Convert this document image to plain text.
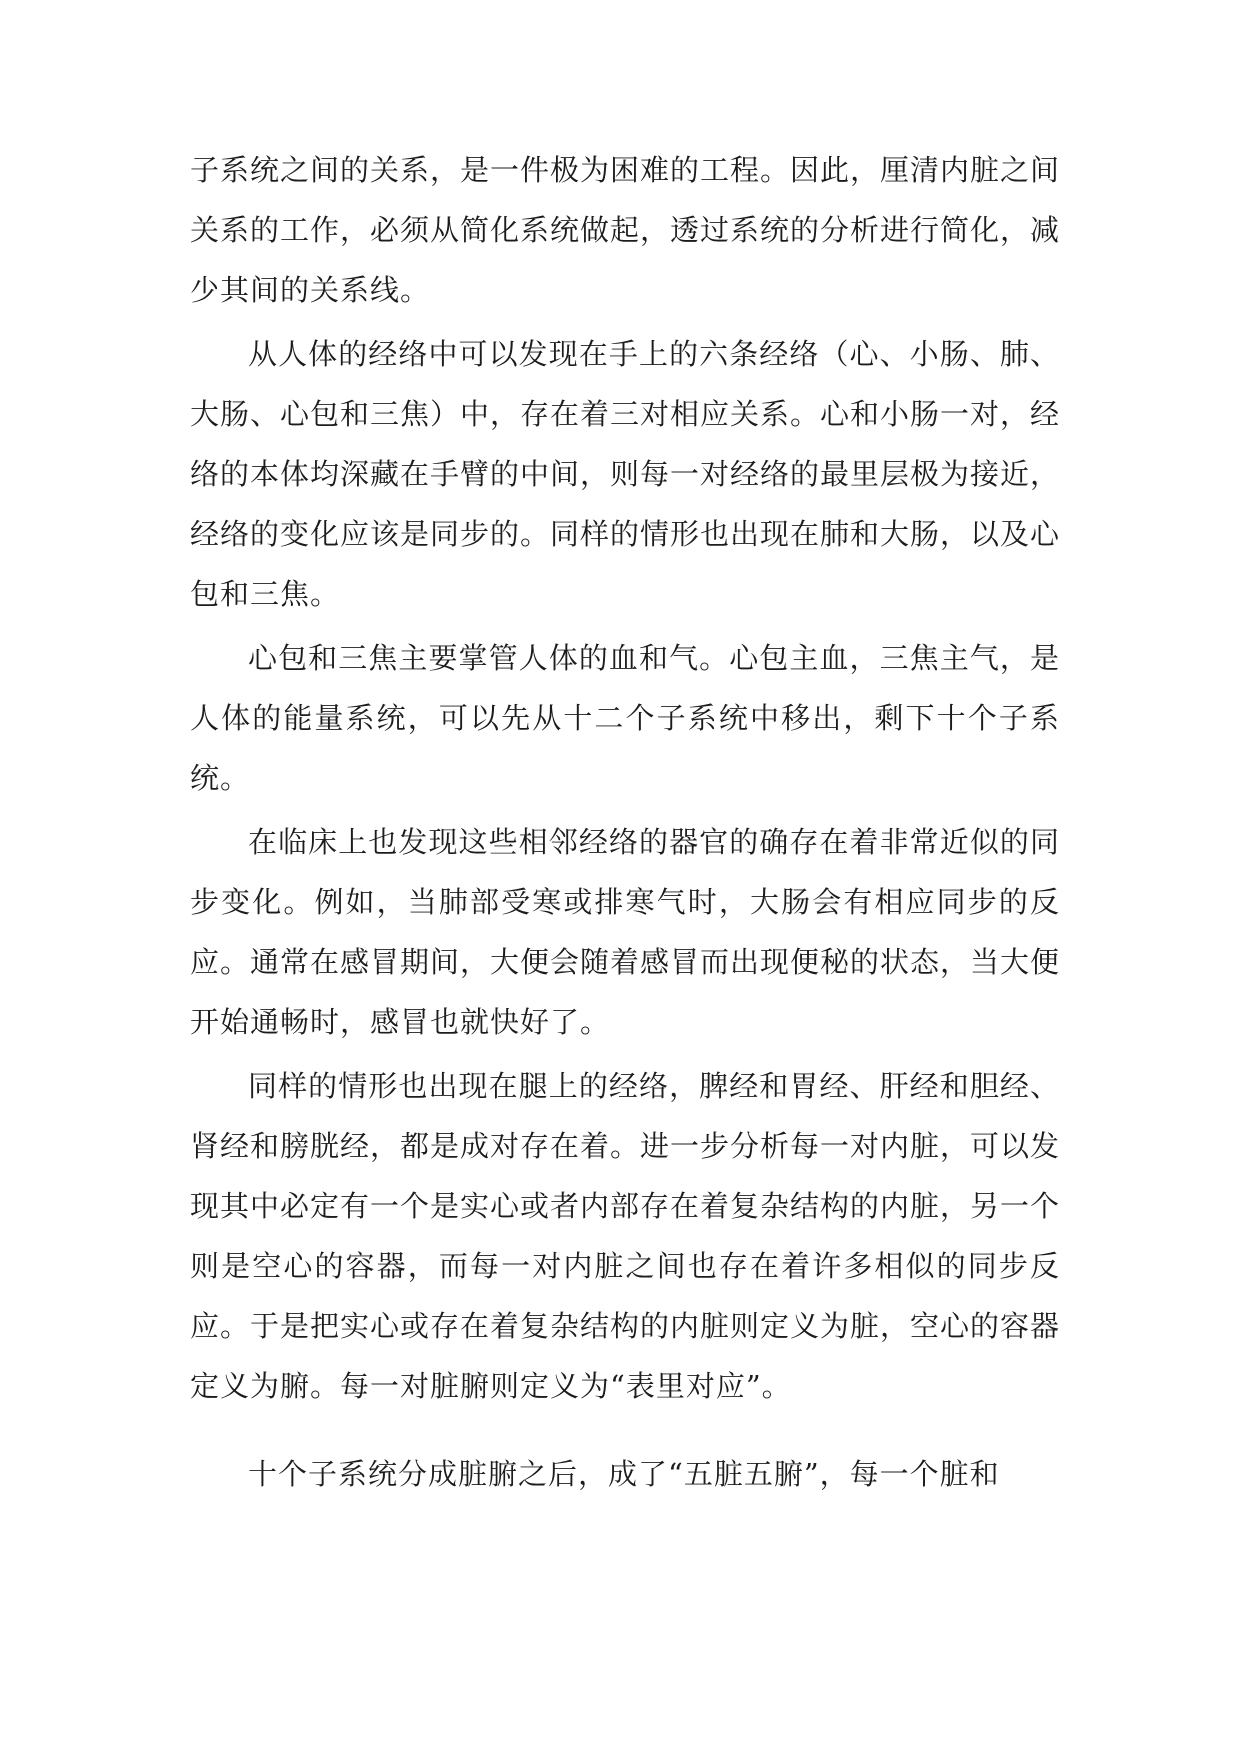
子系统之间的关系，是一件极为困难的工程。因此，厘清内脏之间关系的工作，必须从简化系统做起，透过系统的分析进行简化，减少其间的关系线。

从人体的经络中可以发现在手上的六条经络（心、小肠、肺、大肠、心包和三焦）中，存在着三对相应关系。心和小肠一对，经络的本体均深藏在手臂的中间，则每一对经络的最里层极为接近，经络的变化应该是同步的。同样的情形也出现在肺和大肠，以及心包和三焦。

心包和三焦主要掌管人体的血和气。心包主血，三焦主气，是人体的能量系统，可以先从十二个子系统中移出，剩下十个子系统。

在临床上也发现这些相邻经络的器官的确存在着非常近似的同步变化。例如，当肺部受寒或排寒气时，大肠会有相应同步的反应。通常在感冒期间，大便会随着感冒而出现便秘的状态，当大便开始通畅时，感冒也就快好了。

同样的情形也出现在腿上的经络，脾经和胃经、肝经和胆经、肾经和膀胱经，都是成对存在着。进一步分析每一对内脏，可以发现其中必定有一个是实心或者内部存在着复杂结构的内脏，另一个则是空心的容器，而每一对内脏之间也存在着许多相似的同步反应。于是把实心或存在着复杂结构的内脏则定义为脏，空心的容器定义为腑。每一对脏腑则定义为“表里对应”。

十个子系统分成脏腑之后，成了“五脏五腑”，每一个脏和
